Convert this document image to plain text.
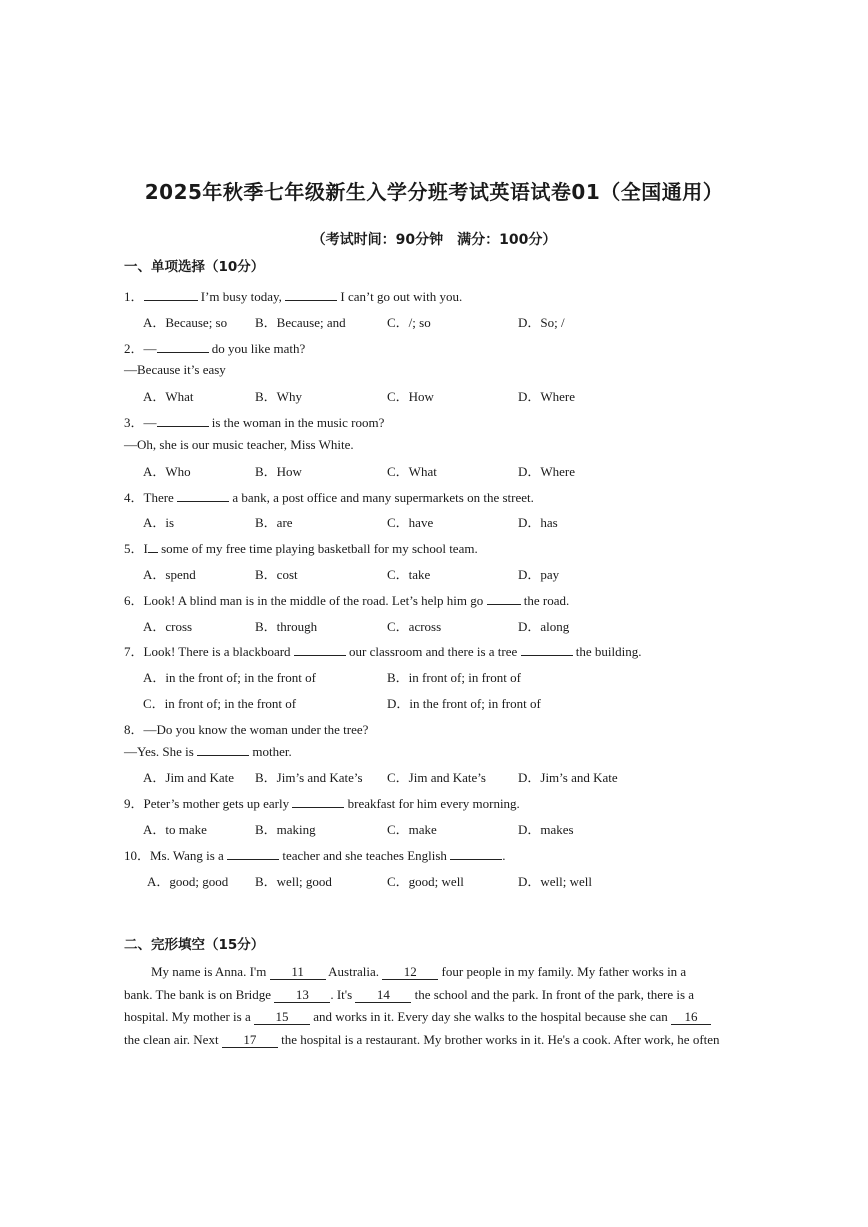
2025年秋季七年级新生入学分班考试英语试卷01（全国通用）
（考试时间：90分钟　满分：100分）
一、单项选择（10分）
1．	I’m busy today,	I can’t go out with you.
A．Because; so B．Because; and	C．/; so	D．So; /
2．—	do you like math?
—Because it’s easy
A．What	B．Why	C．How	D．Where
3．—	is the woman in the music room?
—Oh, she is our music teacher, Miss White.
A．Who	B．How	C．What	D．Where
4．There	a bank, a post office and many supermarkets on the street.
A．is	B．are	C．have	D．has
5．I some of my free time playing basketball for my school team.
A．spend	B．cost	C．take	D．pay
6．Look! A blind man is in the middle of the road. Let’s help him go	the road.
A．cross	B．through	C．across	D．along
7．Look! There is a blackboard	our classroom and there is a tree	the building.
A．in the front of; in the front of	B．in front of; in front of
C．in front of; in the front of	D．in the front of; in front of
8．—Do you know the woman under the tree?
—Yes. She is	mother.
A．Jim and Kate B．Jim’s and Kate’s C．Jim and Kate’s D．Jim’s and Kate
9．Peter’s mother gets up early	breakfast for him every morning.
A．to make	B．making	C．make	D．makes
10．Ms. Wang is a	teacher and she teaches English	.
A．good; good B．well; good	C．good; well	D．well; well
二、完形填空（15分）
My name is Anna. I'm 11 Australia. 12 four people in my family. My father works in a
bank. The bank is on Bridge 13 . It's 14 the school and the park. In front of the park, there is a
hospital. My mother is a 15 and works in it. Every day she walks to the hospital because she can 16
the clean air. Next 17 the hospital is a restaurant. My brother works in it. He's a cook. After work, he often
